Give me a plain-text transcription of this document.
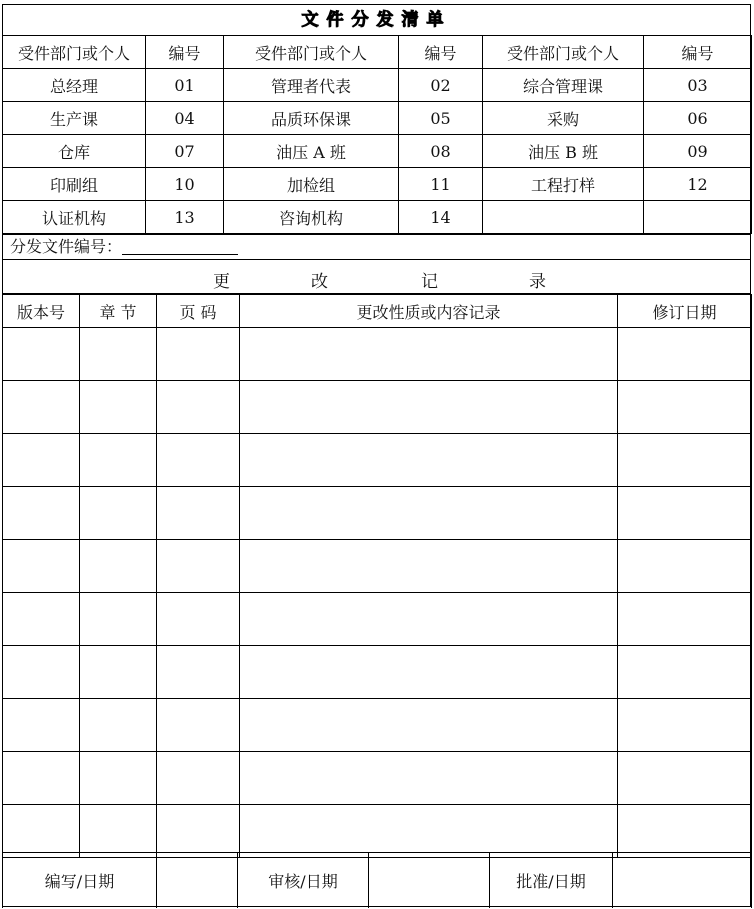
文件分发清单
受件部门或个人	编号	受件部门或个人	编号	受件部门或个人	编号
总经理	01	管理者代表	02	综合管理课	03
生产课	04	品质环保课	05	采购	06
仓库	07	油压 A 班	08	油压 B 班	09
印刷组	10	加检组	11	工程打样	12
认证机构	13	咨询机构	14		
分发文件编号：
更	改	记	录
版本号	章 节	页 码	更改性质或内容记录	修订日期

编写/日期		审核/日期		批准/日期	
